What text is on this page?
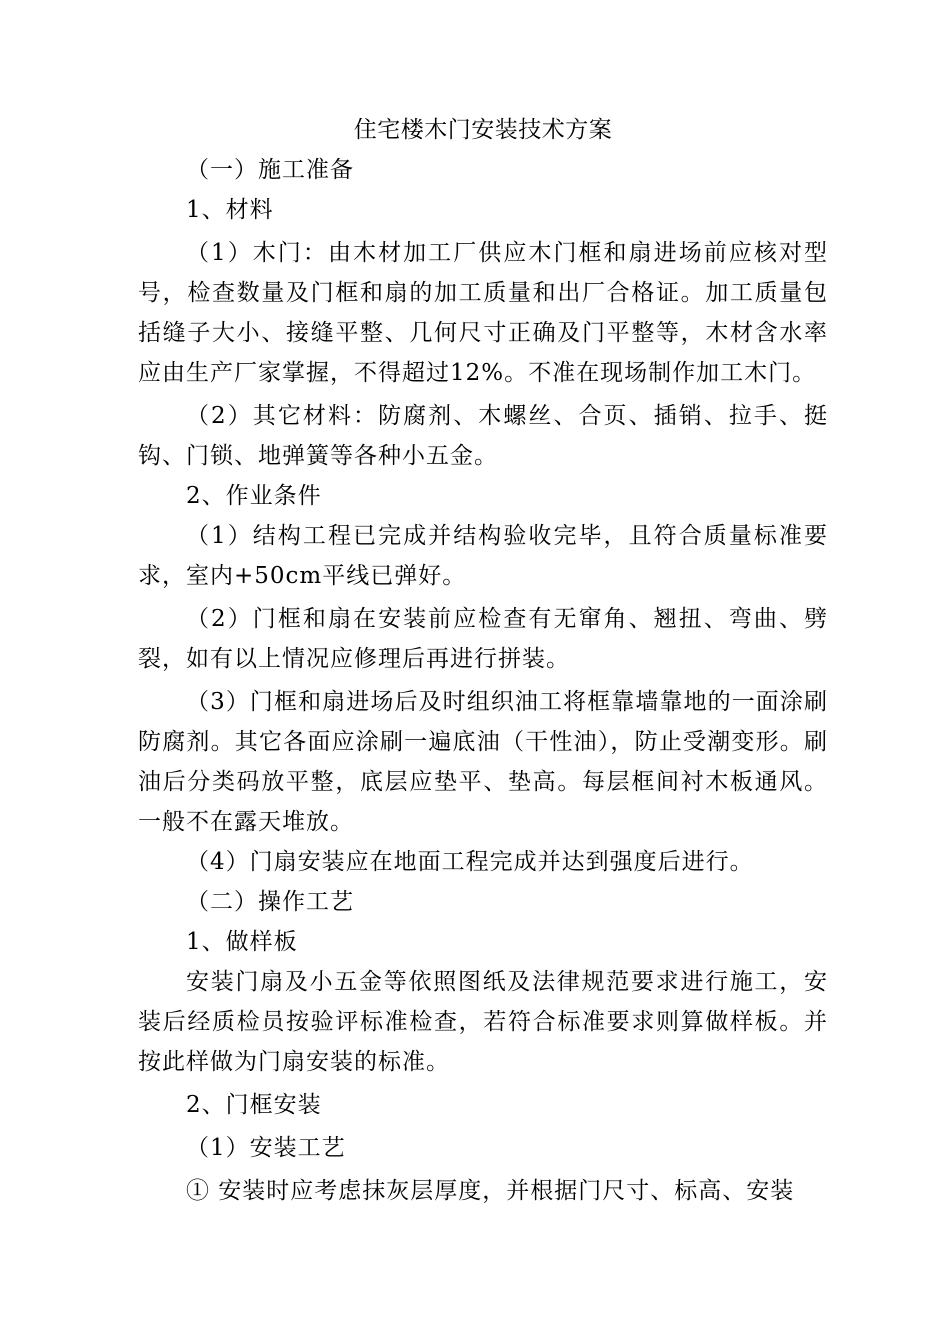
住宅楼木门安装技术方案

（一）施工准备

1、材料

（1）木门：由木材加工厂供应木门框和扇进场前应核对型号，检查数量及门框和扇的加工质量和出厂合格证。加工质量包括缝子大小、接缝平整、几何尺寸正确及门平整等，木材含水率应由生产厂家掌握，不得超过12%。不准在现场制作加工木门。

（2）其它材料：防腐剂、木螺丝、合页、插销、拉手、挺钩、门锁、地弹簧等各种小五金。

2、作业条件

（1）结构工程已完成并结构验收完毕，且符合质量标准要求，室内+50cm平线已弹好。

（2）门框和扇在安装前应检查有无窜角、翘扭、弯曲、劈裂，如有以上情况应修理后再进行拼装。

（3）门框和扇进场后及时组织油工将框靠墙靠地的一面涂刷防腐剂。其它各面应涂刷一遍底油（干性油），防止受潮变形。刷油后分类码放平整，底层应垫平、垫高。每层框间衬木板通风。一般不在露天堆放。

（4）门扇安装应在地面工程完成并达到强度后进行。

（二）操作工艺

1、做样板

安装门扇及小五金等依照图纸及法律规范要求进行施工，安装后经质检员按验评标准检查，若符合标准要求则算做样板。并按此样做为门扇安装的标准。

2、门框安装

（1）安装工艺

① 安装时应考虑抹灰层厚度，并根据门尺寸、标高、安装
